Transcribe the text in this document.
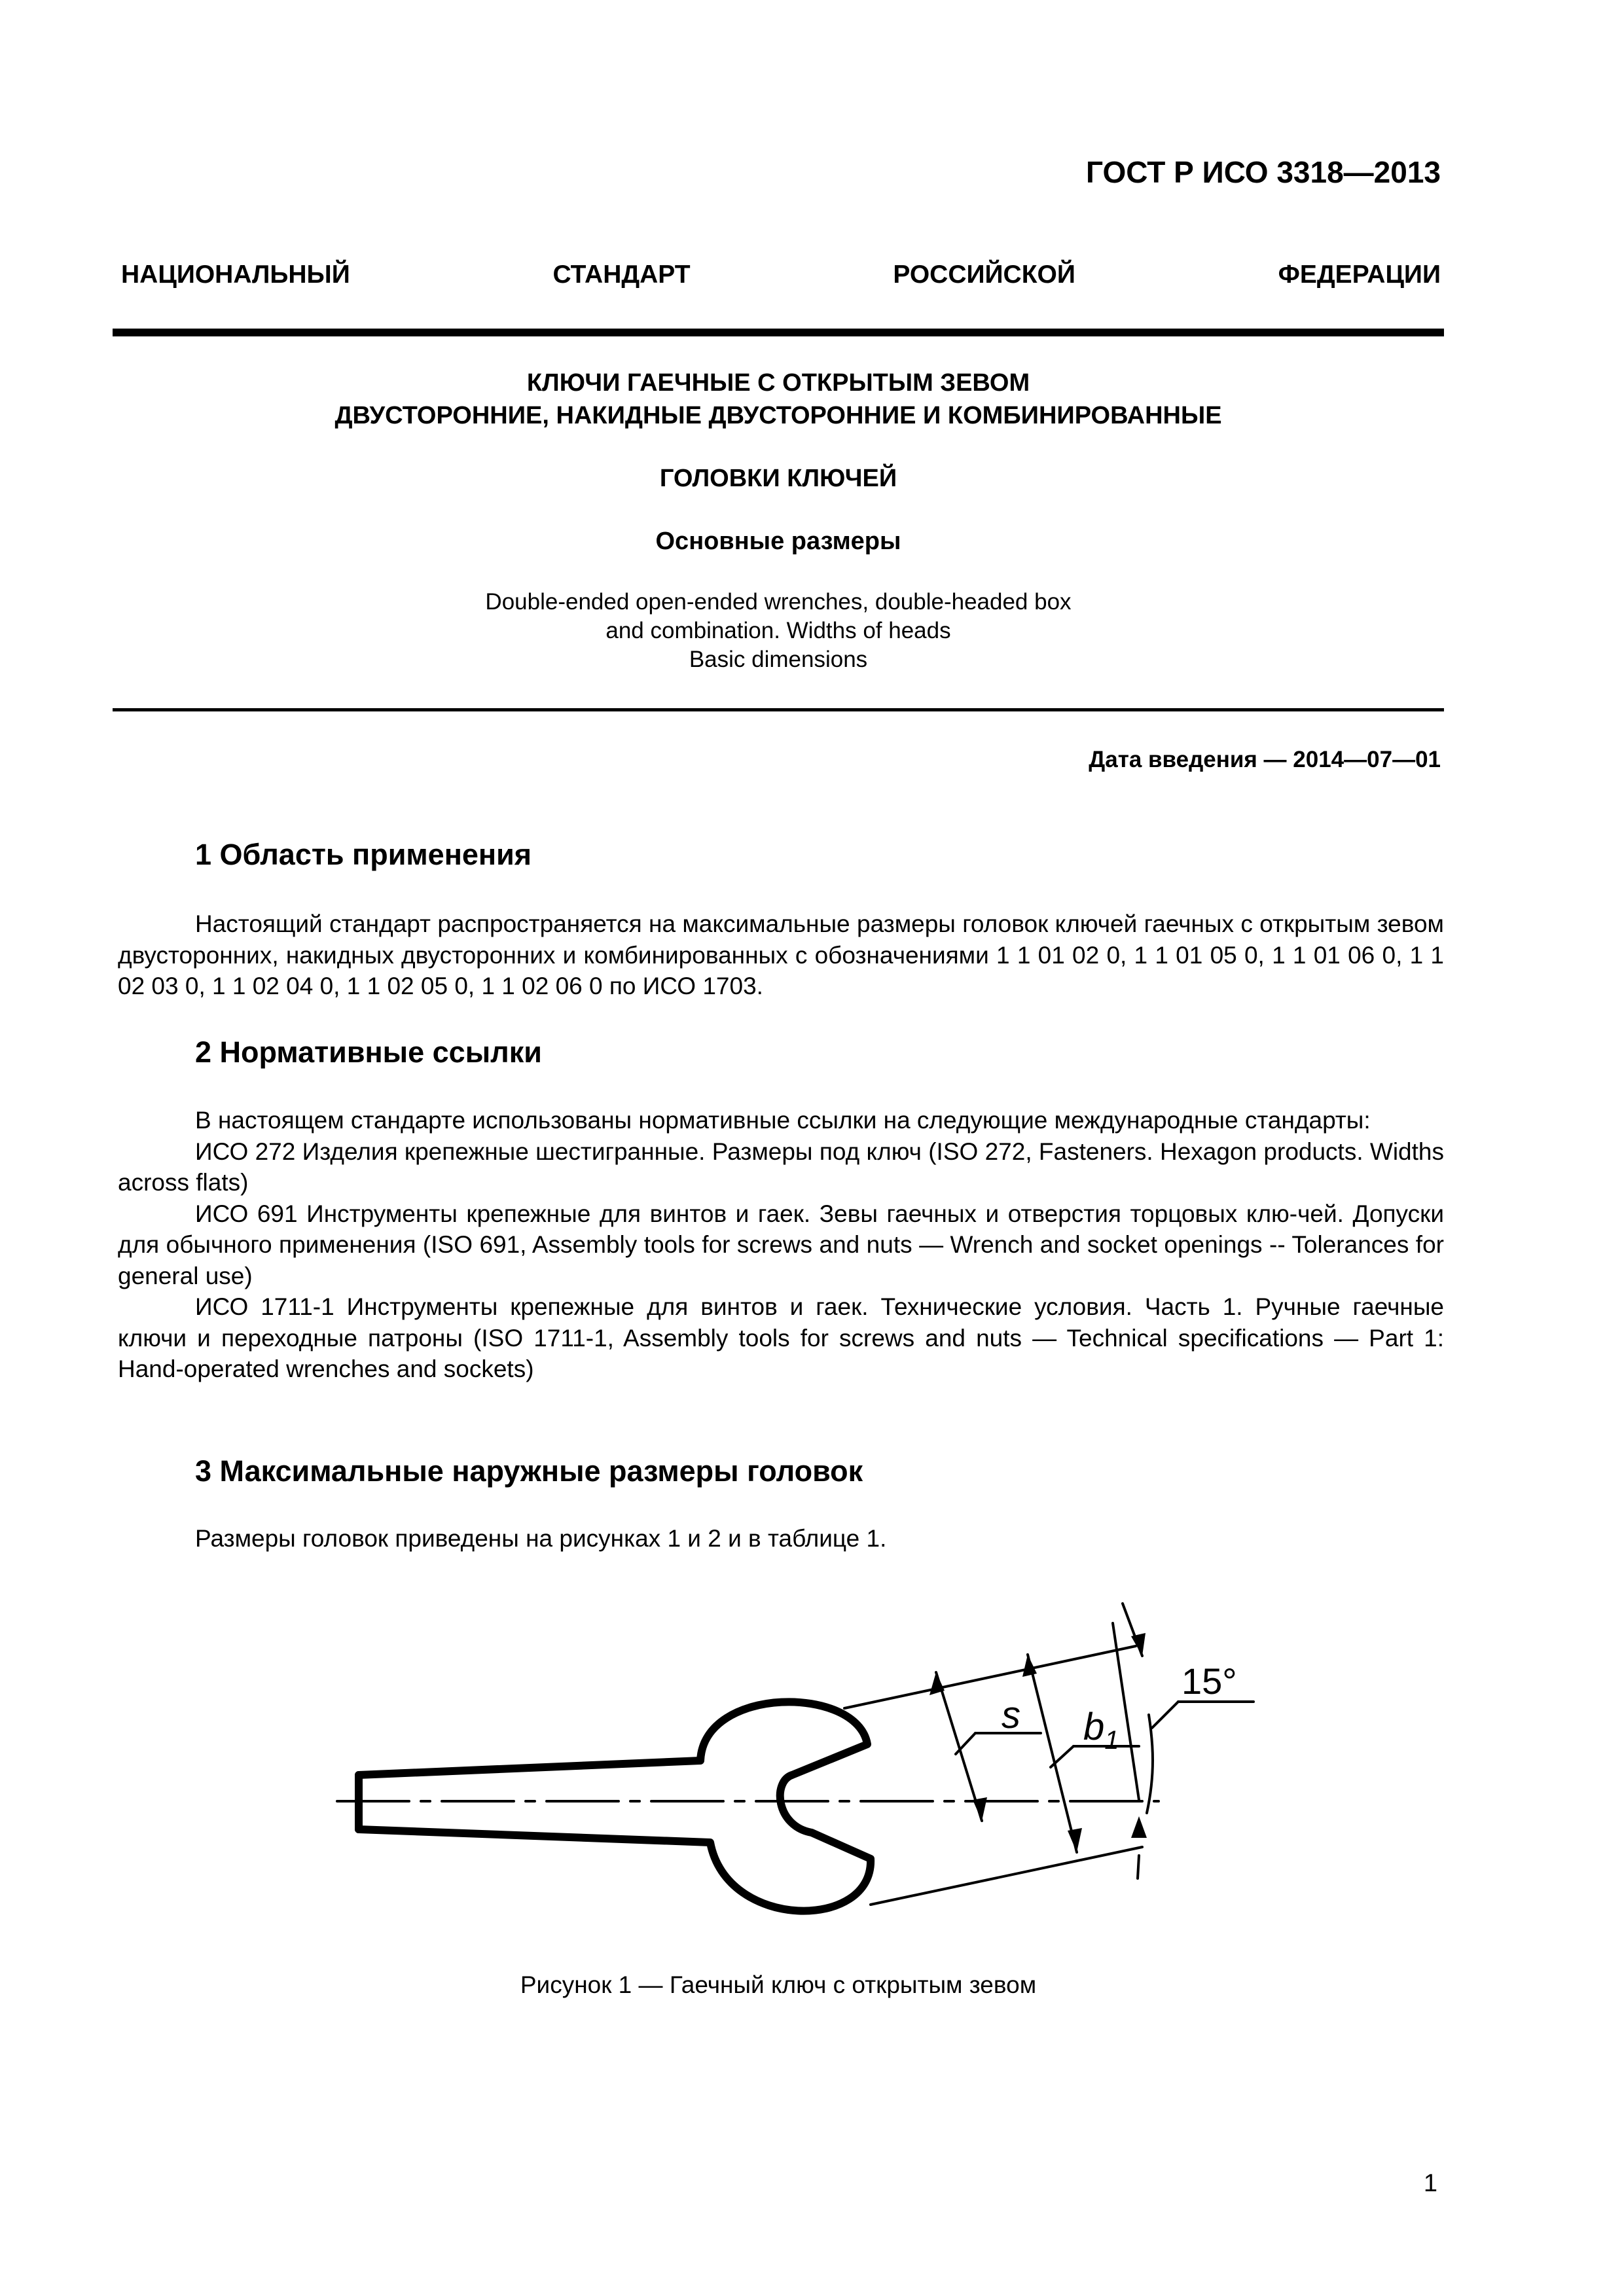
ГОСТ Р ИСО 3318—2013
НАЦИОНАЛЬНЫЙ СТАНДАРТ РОССИЙСКОЙ ФЕДЕРАЦИИ
КЛЮЧИ ГАЕЧНЫЕ С ОТКРЫТЫМ ЗЕВОМ
ДВУСТОРОННИЕ, НАКИДНЫЕ ДВУСТОРОННИЕ И КОМБИНИРОВАННЫЕ
ГОЛОВКИ КЛЮЧЕЙ
Основные размеры
Double-ended open-ended wrenches, double-headed box
and combination. Widths of heads
Basic dimensions
Дата введения — 2014—07—01
1 Область применения

Настоящий стандарт распространяется на максимальные размеры головок ключей гаечных с открытым зевом двусторонних, накидных двусторонних и комбинированных с обозначениями 1 1 01 02 0, 1 1 01 05 0, 1 1 01 06 0, 1 1 02 03 0, 1 1 02 04 0, 1 1 02 05 0, 1 1 02 06 0 по ИСО 1703.

2 Нормативные ссылки

В настоящем стандарте использованы нормативные ссылки на следующие международные стандарты:

ИСО 272 Изделия крепежные шестигранные. Размеры под ключ (ISO 272, Fasteners. Hexagon products. Widths across flats)

ИСО 691 Инструменты крепежные для винтов и гаек. Зевы гаечных и отверстия торцовых клю-чей. Допуски для обычного применения (ISO 691, Assembly tools for screws and nuts — Wrench and socket openings -- Tolerances for general use)

ИСО 1711-1 Инструменты крепежные для винтов и гаек. Технические условия. Часть 1. Ручные гаечные ключи и переходные патроны (ISO 1711-1, Assembly tools for screws and nuts — Technical specifications — Part 1: Hand-operated wrenches and sockets)

3 Максимальные наружные размеры головок
Размеры головок приведены на рисунках 1 и 2 и в таблице 1.
s $b_1$
15°
Рисунок 1 — Гаечный ключ с открытым зевом
1
